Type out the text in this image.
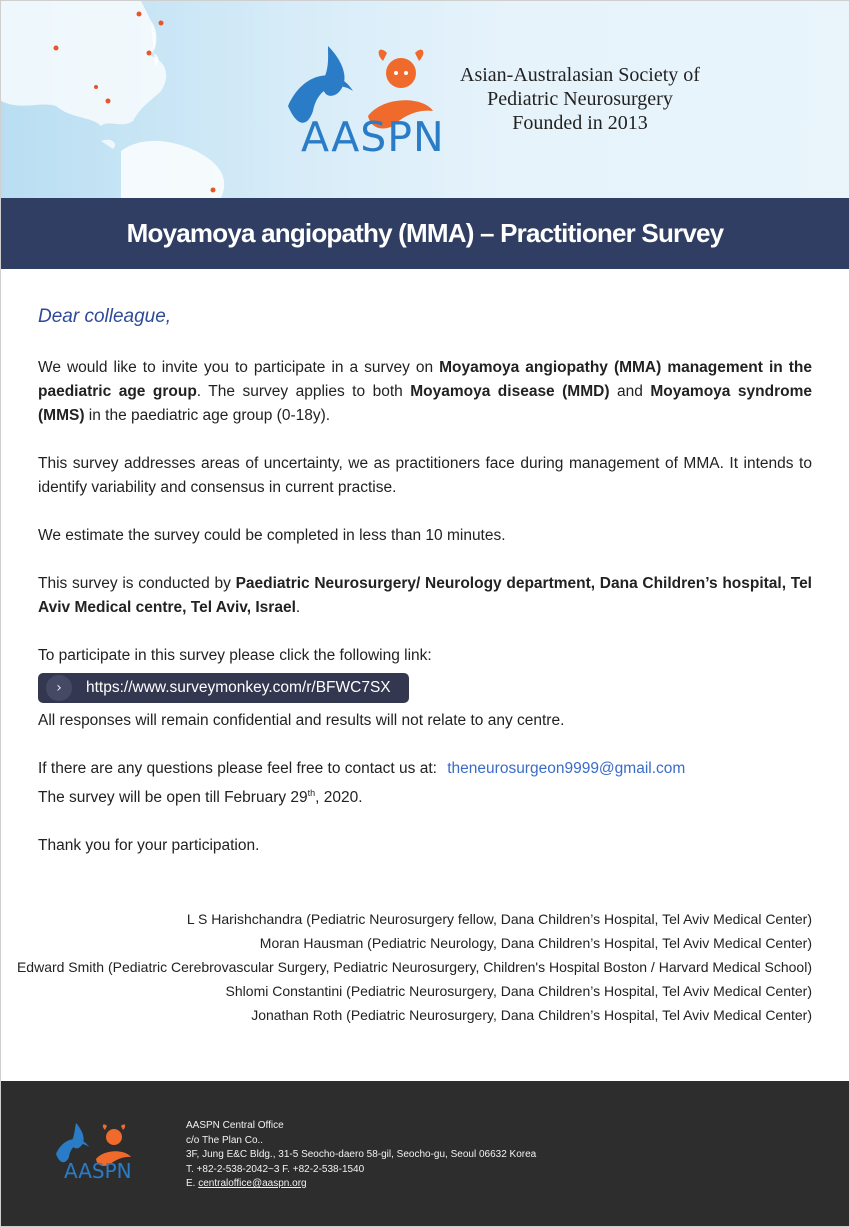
AASPN
Asian-Australasian Society of
Pediatric Neurosurgery
Founded in 2013
Moyamoya angiopathy (MMA) – Practitioner Survey
Dear colleague,

We would like to invite you to participate in a survey on Moyamoya angiopathy (MMA) management in the paediatric age group. The survey applies to both Moyamoya disease (MMD) and Moyamoya syndrome (MMS) in the paediatric age group (0-18y).

This survey addresses areas of uncertainty, we as practitioners face during management of MMA. It intends to identify variability and consensus in current practise.

We estimate the survey could be completed in less than 10 minutes.

This survey is conducted by Paediatric Neurosurgery/ Neurology department, Dana Children’s hospital, Tel Aviv Medical centre, Tel Aviv, Israel.

To participate in this survey please click the following link:
›	https://www.surveymonkey.com/r/BFWC7SX

All responses will remain confidential and results will not relate to any centre.

If there are any questions please feel free to contact us at: theneurosurgeon9999@gmail.com

The survey will be open till February 29th, 2020.

Thank you for your participation.

L S Harishchandra (Pediatric Neurosurgery fellow, Dana Children’s Hospital, Tel Aviv Medical Center)
Moran Hausman (Pediatric Neurology, Dana Children’s Hospital, Tel Aviv Medical Center)
Edward Smith (Pediatric Cerebrovascular Surgery, Pediatric Neurosurgery, Children's Hospital Boston / Harvard Medical School)
Shlomi Constantini (Pediatric Neurosurgery, Dana Children’s Hospital, Tel Aviv Medical Center)
Jonathan Roth (Pediatric Neurosurgery, Dana Children’s Hospital, Tel Aviv Medical Center)
AASPN
AASPN Central Office
c/o The Plan Co..
3F, Jung E&C Bldg., 31-5 Seocho-daero 58-gil, Seocho-gu, Seoul 06632 Korea
T. +82-2-538-2042~3 F. +82-2-538-1540
E. centraloffice@aaspn.org
